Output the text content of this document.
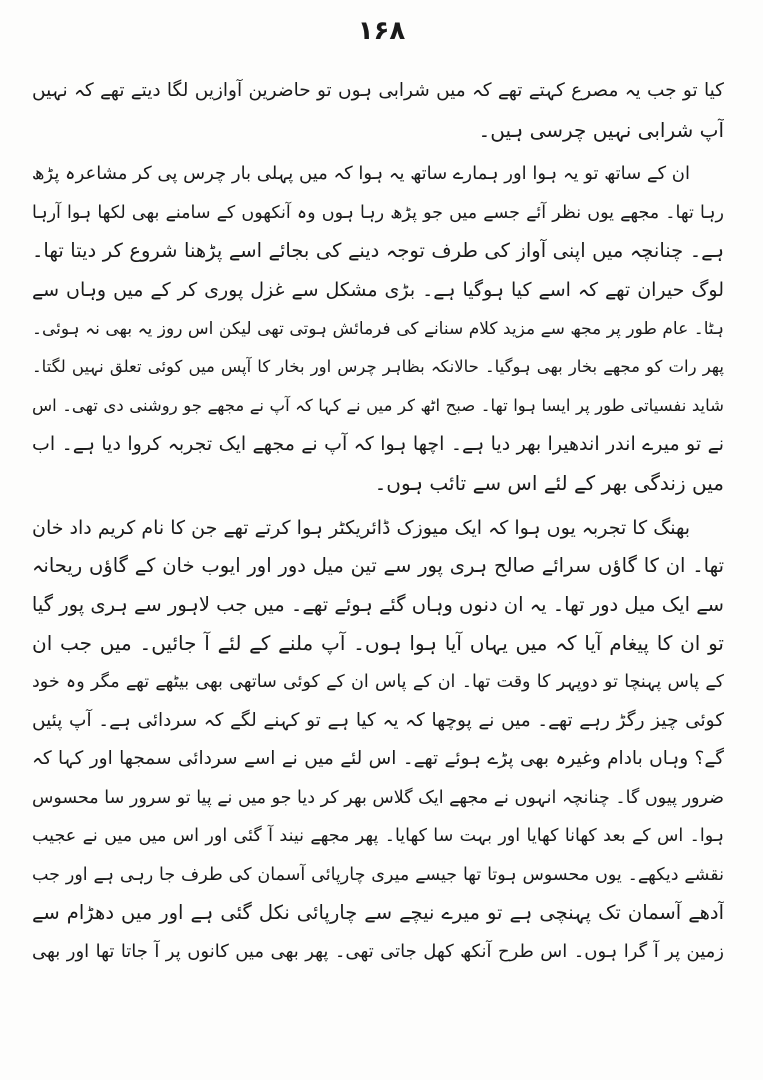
۱۶۸
کیا تو جب یہ مصرع کہتے تھے کہ میں شرابی ہوں تو حاضرین آوازیں لگا دیتے تھے کہ نہیں
آپ شرابی نہیں چرسی ہیں۔
ان کے ساتھ تو یہ ہوا اور ہمارے ساتھ یہ ہوا کہ میں پہلی بار چرس پی کر مشاعرہ پڑھ
رہا تھا۔ مجھے یوں نظر آئے جسے میں جو پڑھ رہا ہوں وہ آنکھوں کے سامنے بھی لکھا ہوا آرہا
ہے۔ چنانچہ میں اپنی آواز کی طرف توجہ دینے کی بجائے اسے پڑھنا شروع کر دیتا تھا۔
لوگ حیران تھے کہ اسے کیا ہوگیا ہے۔ بڑی مشکل سے غزل پوری کر کے میں وہاں سے
ہٹا۔ عام طور پر مجھ سے مزید کلام سنانے کی فرمائش ہوتی تھی لیکن اس روز یہ بھی نہ ہوئی۔
پھر رات کو مجھے بخار بھی ہوگیا۔ حالانکہ بظاہر چرس اور بخار کا آپس میں کوئی تعلق نہیں لگتا۔
شاید نفسیاتی طور پر ایسا ہوا تھا۔ صبح اٹھ کر میں نے کہا کہ آپ نے مجھے جو روشنی دی تھی۔ اس
نے تو میرے اندر اندھیرا بھر دیا ہے۔ اچھا ہوا کہ آپ نے مجھے ایک تجربہ کروا دیا ہے۔ اب
میں زندگی بھر کے لئے اس سے تائب ہوں۔
بھنگ کا تجربہ یوں ہوا کہ ایک میوزک ڈائریکٹر ہوا کرتے تھے جن کا نام کریم داد خان
تھا۔ ان کا گاؤں سرائے صالح ہری پور سے تین میل دور اور ایوب خان کے گاؤں ریحانہ
سے ایک میل دور تھا۔ یہ ان دنوں وہاں گئے ہوئے تھے۔ میں جب لاہور سے ہری پور گیا
تو ان کا پیغام آیا کہ میں یہاں آیا ہوا ہوں۔ آپ ملنے کے لئے آ جائیں۔ میں جب ان
کے پاس پہنچا تو دوپہر کا وقت تھا۔ ان کے پاس ان کے کوئی ساتھی بھی بیٹھے تھے مگر وہ خود
کوئی چیز رگڑ رہے تھے۔ میں نے پوچھا کہ یہ کیا ہے تو کہنے لگے کہ سردائی ہے۔ آپ پئیں
گے؟ وہاں بادام وغیرہ بھی پڑے ہوئے تھے۔ اس لئے میں نے اسے سردائی سمجھا اور کہا کہ
ضرور پیوں گا۔ چنانچہ انہوں نے مجھے ایک گلاس بھر کر دیا جو میں نے پیا تو سرور سا محسوس
ہوا۔ اس کے بعد کھانا کھایا اور بہت سا کھایا۔ پھر مجھے نیند آ گئی اور اس میں میں نے عجیب
نقشے دیکھے۔ یوں محسوس ہوتا تھا جیسے میری چارپائی آسمان کی طرف جا رہی ہے اور جب
آدھے آسمان تک پہنچی ہے تو میرے نیچے سے چارپائی نکل گئی ہے اور میں دھڑام سے
زمین پر آ گرا ہوں۔ اس طرح آنکھ کھل جاتی تھی۔ پھر بھی میں کانوں پر آ جاتا تھا اور بھی
